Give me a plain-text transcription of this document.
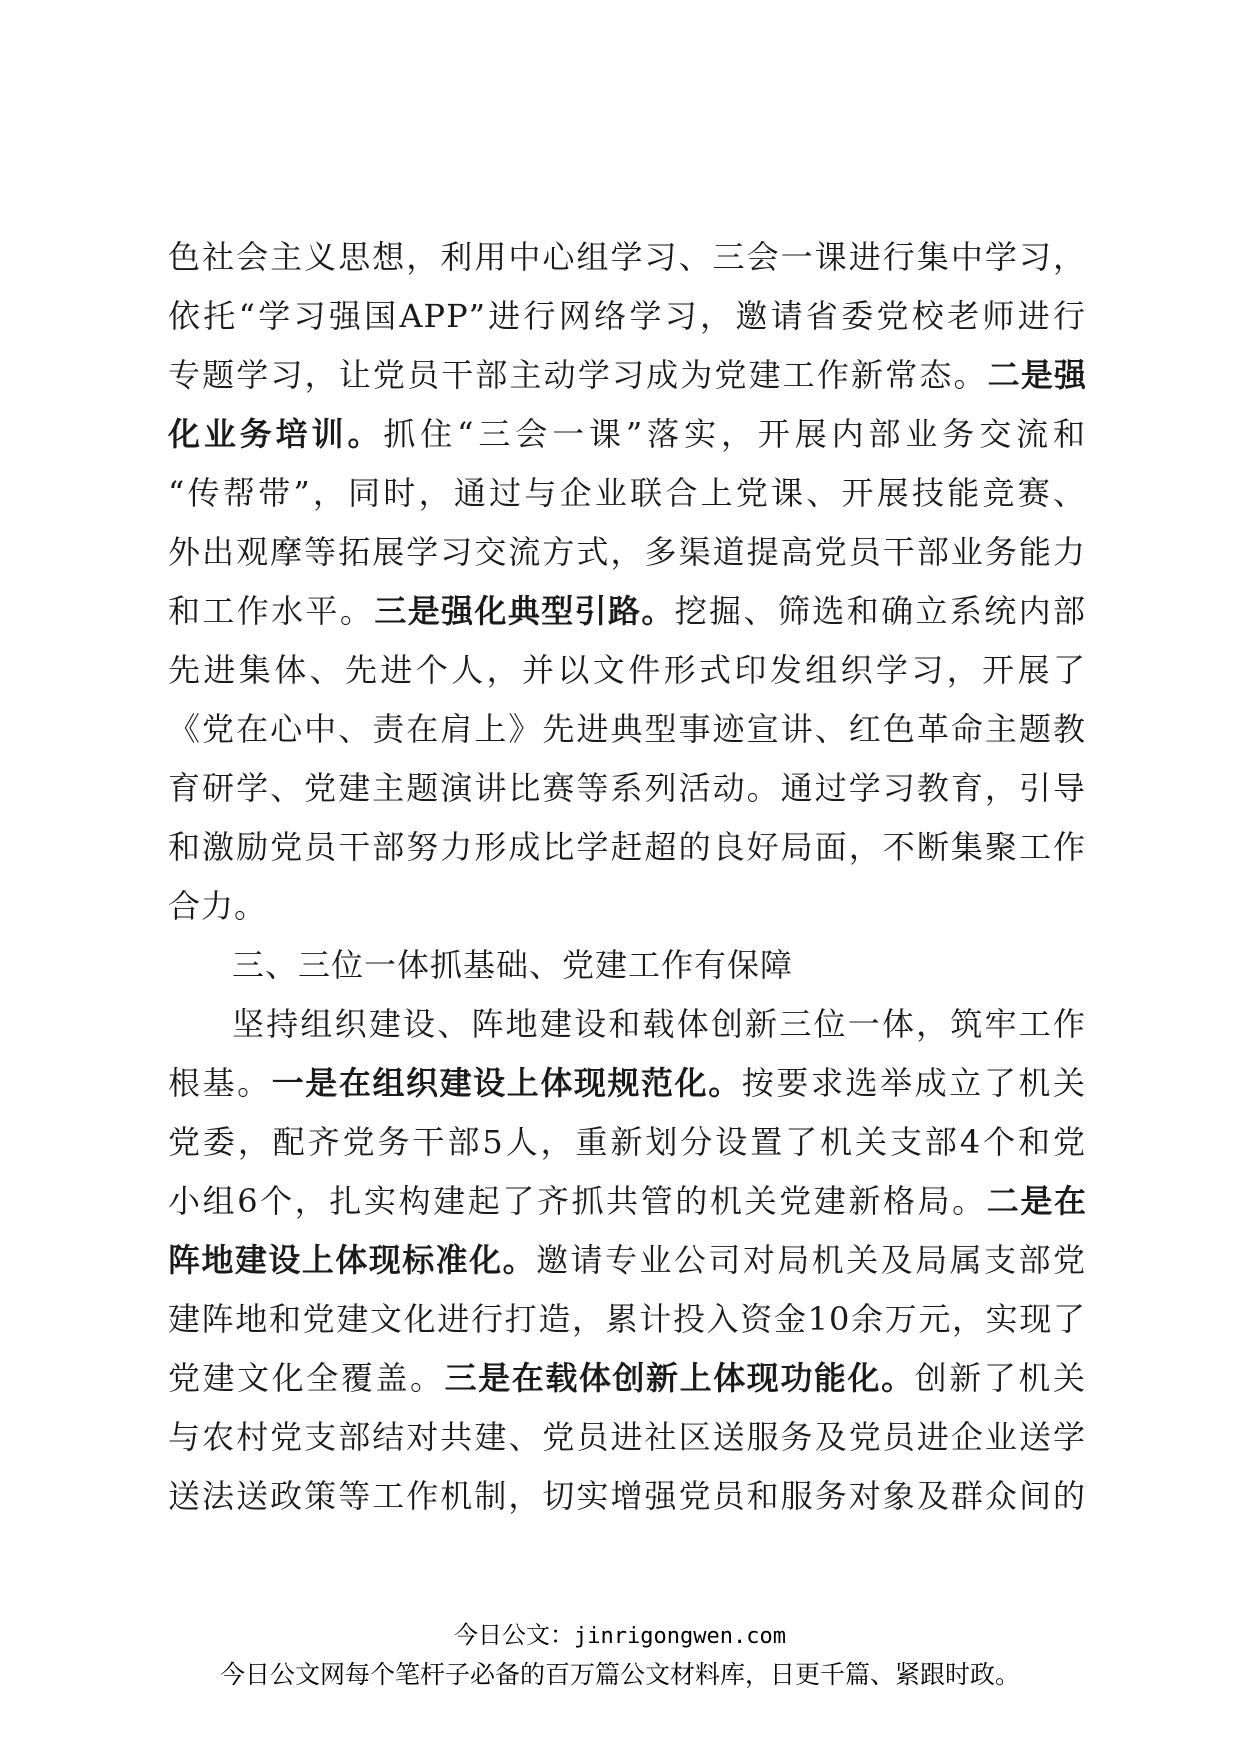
色社会主义思想，利用中心组学习、三会一课进行集中学习，
依托“学习强国APP”进行网络学习，邀请省委党校老师进行
专题学习，让党员干部主动学习成为党建工作新常态。二是强
化业务培训。抓住“三会一课”落实，开展内部业务交流和
“传帮带”，同时，通过与企业联合上党课、开展技能竞赛、
外出观摩等拓展学习交流方式，多渠道提高党员干部业务能力
和工作水平。三是强化典型引路。挖掘、筛选和确立系统内部
先进集体、先进个人，并以文件形式印发组织学习，开展了
《党在心中、责在肩上》先进典型事迹宣讲、红色革命主题教
育研学、党建主题演讲比赛等系列活动。通过学习教育，引导
和激励党员干部努力形成比学赶超的良好局面，不断集聚工作
合力。
三、三位一体抓基础、党建工作有保障
坚持组织建设、阵地建设和载体创新三位一体，筑牢工作
根基。一是在组织建设上体现规范化。按要求选举成立了机关
党委，配齐党务干部5人，重新划分设置了机关支部4个和党
小组6个，扎实构建起了齐抓共管的机关党建新格局。二是在
阵地建设上体现标准化。邀请专业公司对局机关及局属支部党
建阵地和党建文化进行打造，累计投入资金10余万元，实现了
党建文化全覆盖。三是在载体创新上体现功能化。创新了机关
与农村党支部结对共建、党员进社区送服务及党员进企业送学
送法送政策等工作机制，切实增强党员和服务对象及群众间的
今日公文：jinrigongwen.com
今日公文网每个笔杆子必备的百万篇公文材料库，日更千篇、紧跟时政。
